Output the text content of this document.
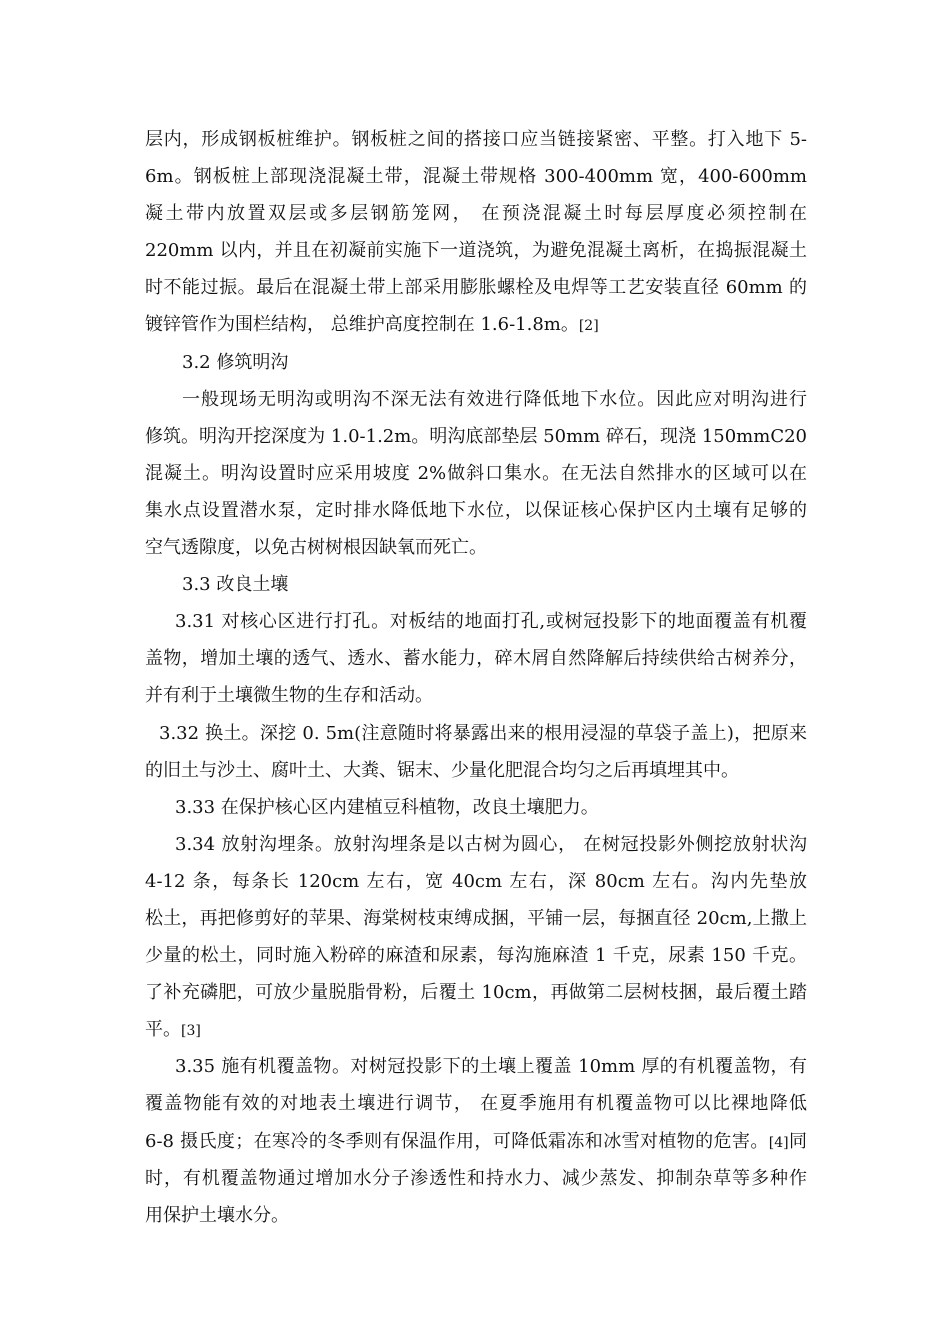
层内，形成钢板桩维护。钢板桩之间的搭接口应当链接紧密、平整。打入地下 5-
6m。钢板桩上部现浇混凝土带，混凝土带规格 300-400mm 宽，400-600mm
凝土带内放置双层或多层钢筋笼网， 在预浇混凝土时每层厚度必须控制在
220mm 以内，并且在初凝前实施下一道浇筑，为避免混凝土离析，在捣振混凝土
时不能过振。最后在混凝土带上部采用膨胀螺栓及电焊等工艺安装直径 60mm 的
镀锌管作为围栏结构， 总维护高度控制在 1.6-1.8m。[2]
3.2 修筑明沟
一般现场无明沟或明沟不深无法有效进行降低地下水位。因此应对明沟进行
修筑。明沟开挖深度为 1.0-1.2m。明沟底部垫层 50mm 碎石，现浇 150mmC20
混凝土。明沟设置时应采用坡度 2%做斜口集水。在无法自然排水的区域可以在
集水点设置潜水泵，定时排水降低地下水位，以保证核心保护区内土壤有足够的
空气透隙度，以免古树树根因缺氧而死亡。
3.3 改良土壤
3.31 对核心区进行打孔。对板结的地面打孔,或树冠投影下的地面覆盖有机覆
盖物，增加土壤的透气、透水、蓄水能力，碎木屑自然降解后持续供给古树养分，
并有利于土壤微生物的生存和活动。
3.32 换土。深挖 0. 5m(注意随时将暴露出来的根用浸湿的草袋子盖上)，把原来
的旧土与沙土、腐叶土、大粪、锯末、少量化肥混合均匀之后再填埋其中。
3.33 在保护核心区内建植豆科植物，改良土壤肥力。
3.34 放射沟埋条。放射沟埋条是以古树为圆心， 在树冠投影外侧挖放射状沟
4-12 条，每条长 120cm 左右，宽 40cm 左右，深 80cm 左右。沟内先垫放
松土，再把修剪好的苹果、海棠树枝束缚成捆，平铺一层，每捆直径 20cm,上撒上
少量的松土，同时施入粉碎的麻渣和尿素，每沟施麻渣 1 千克，尿素 150 千克。
了补充磷肥，可放少量脱脂骨粉，后覆土 10cm，再做第二层树枝捆，最后覆土踏
平。[3]
3.35 施有机覆盖物。对树冠投影下的土壤上覆盖 10mm 厚的有机覆盖物，有
覆盖物能有效的对地表土壤进行调节， 在夏季施用有机覆盖物可以比裸地降低
6-8 摄氏度；在寒冷的冬季则有保温作用，可降低霜冻和冰雪对植物的危害。[4]同
时，有机覆盖物通过增加水分子渗透性和持水力、减少蒸发、抑制杂草等多种作
用保护土壤水分。
